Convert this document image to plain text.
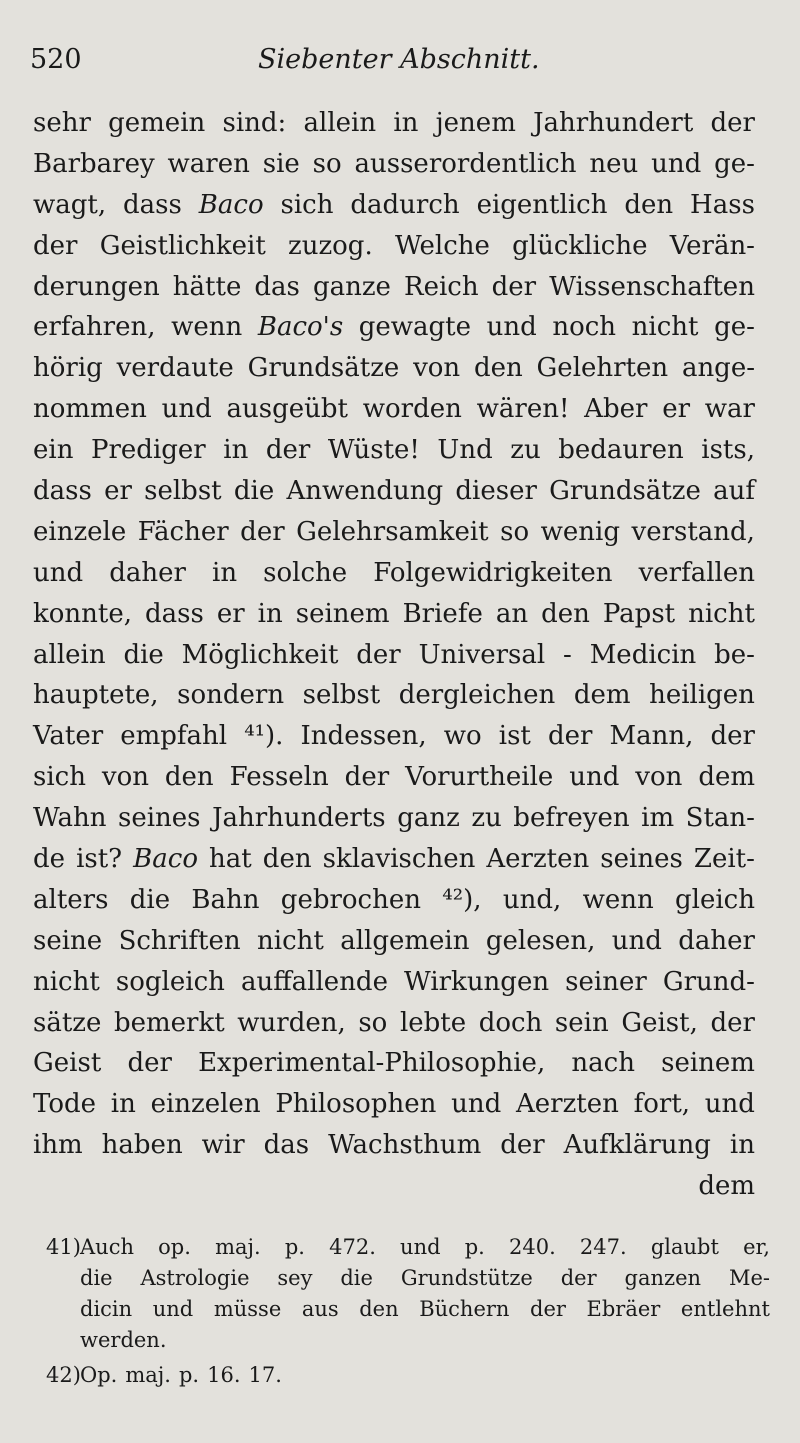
520	Siebenter Abschnitt.
sehr gemein sind: allein in jenem Jahrhundert der
Barbarey waren sie so ausserordentlich neu und ge-
wagt, dass Baco sich dadurch eigentlich den Hass
der Geistlichkeit zuzog. Welche glückliche Verän-
derungen hätte das ganze Reich der Wissenschaften
erfahren, wenn Baco's gewagte und noch nicht ge-
hörig verdaute Grundsätze von den Gelehrten ange-
nommen und ausgeübt worden wären! Aber er war
ein Prediger in der Wüste! Und zu bedauren ists,
dass er selbst die Anwendung dieser Grundsätze auf
einzele Fächer der Gelehrsamkeit so wenig verstand,
und daher in solche Folgewidrigkeiten verfallen
konnte, dass er in seinem Briefe an den Papst nicht
allein die Möglichkeit der Universal - Medicin be-
hauptete, sondern selbst dergleichen dem heiligen
Vater empfahl ⁴¹). Indessen, wo ist der Mann, der
sich von den Fesseln der Vorurtheile und von dem
Wahn seines Jahrhunderts ganz zu befreyen im Stan-
de ist? Baco hat den sklavischen Aerzten seines Zeit-
alters die Bahn gebrochen ⁴²), und, wenn gleich
seine Schriften nicht allgemein gelesen, und daher
nicht sogleich auffallende Wirkungen seiner Grund-
sätze bemerkt wurden, so lebte doch sein Geist, der
Geist der Experimental-Philosophie, nach seinem
Tode in einzelen Philosophen und Aerzten fort, und
ihm haben wir das Wachsthum der Aufklärung in
dem
41) Auch op. maj. p. 472. und p. 240. 247. glaubt er,
die Astrologie sey die Grundstütze der ganzen Me-
dicin und müsse aus den Büchern der Ebräer entlehnt
werden.
42) Op. maj. p. 16. 17.
